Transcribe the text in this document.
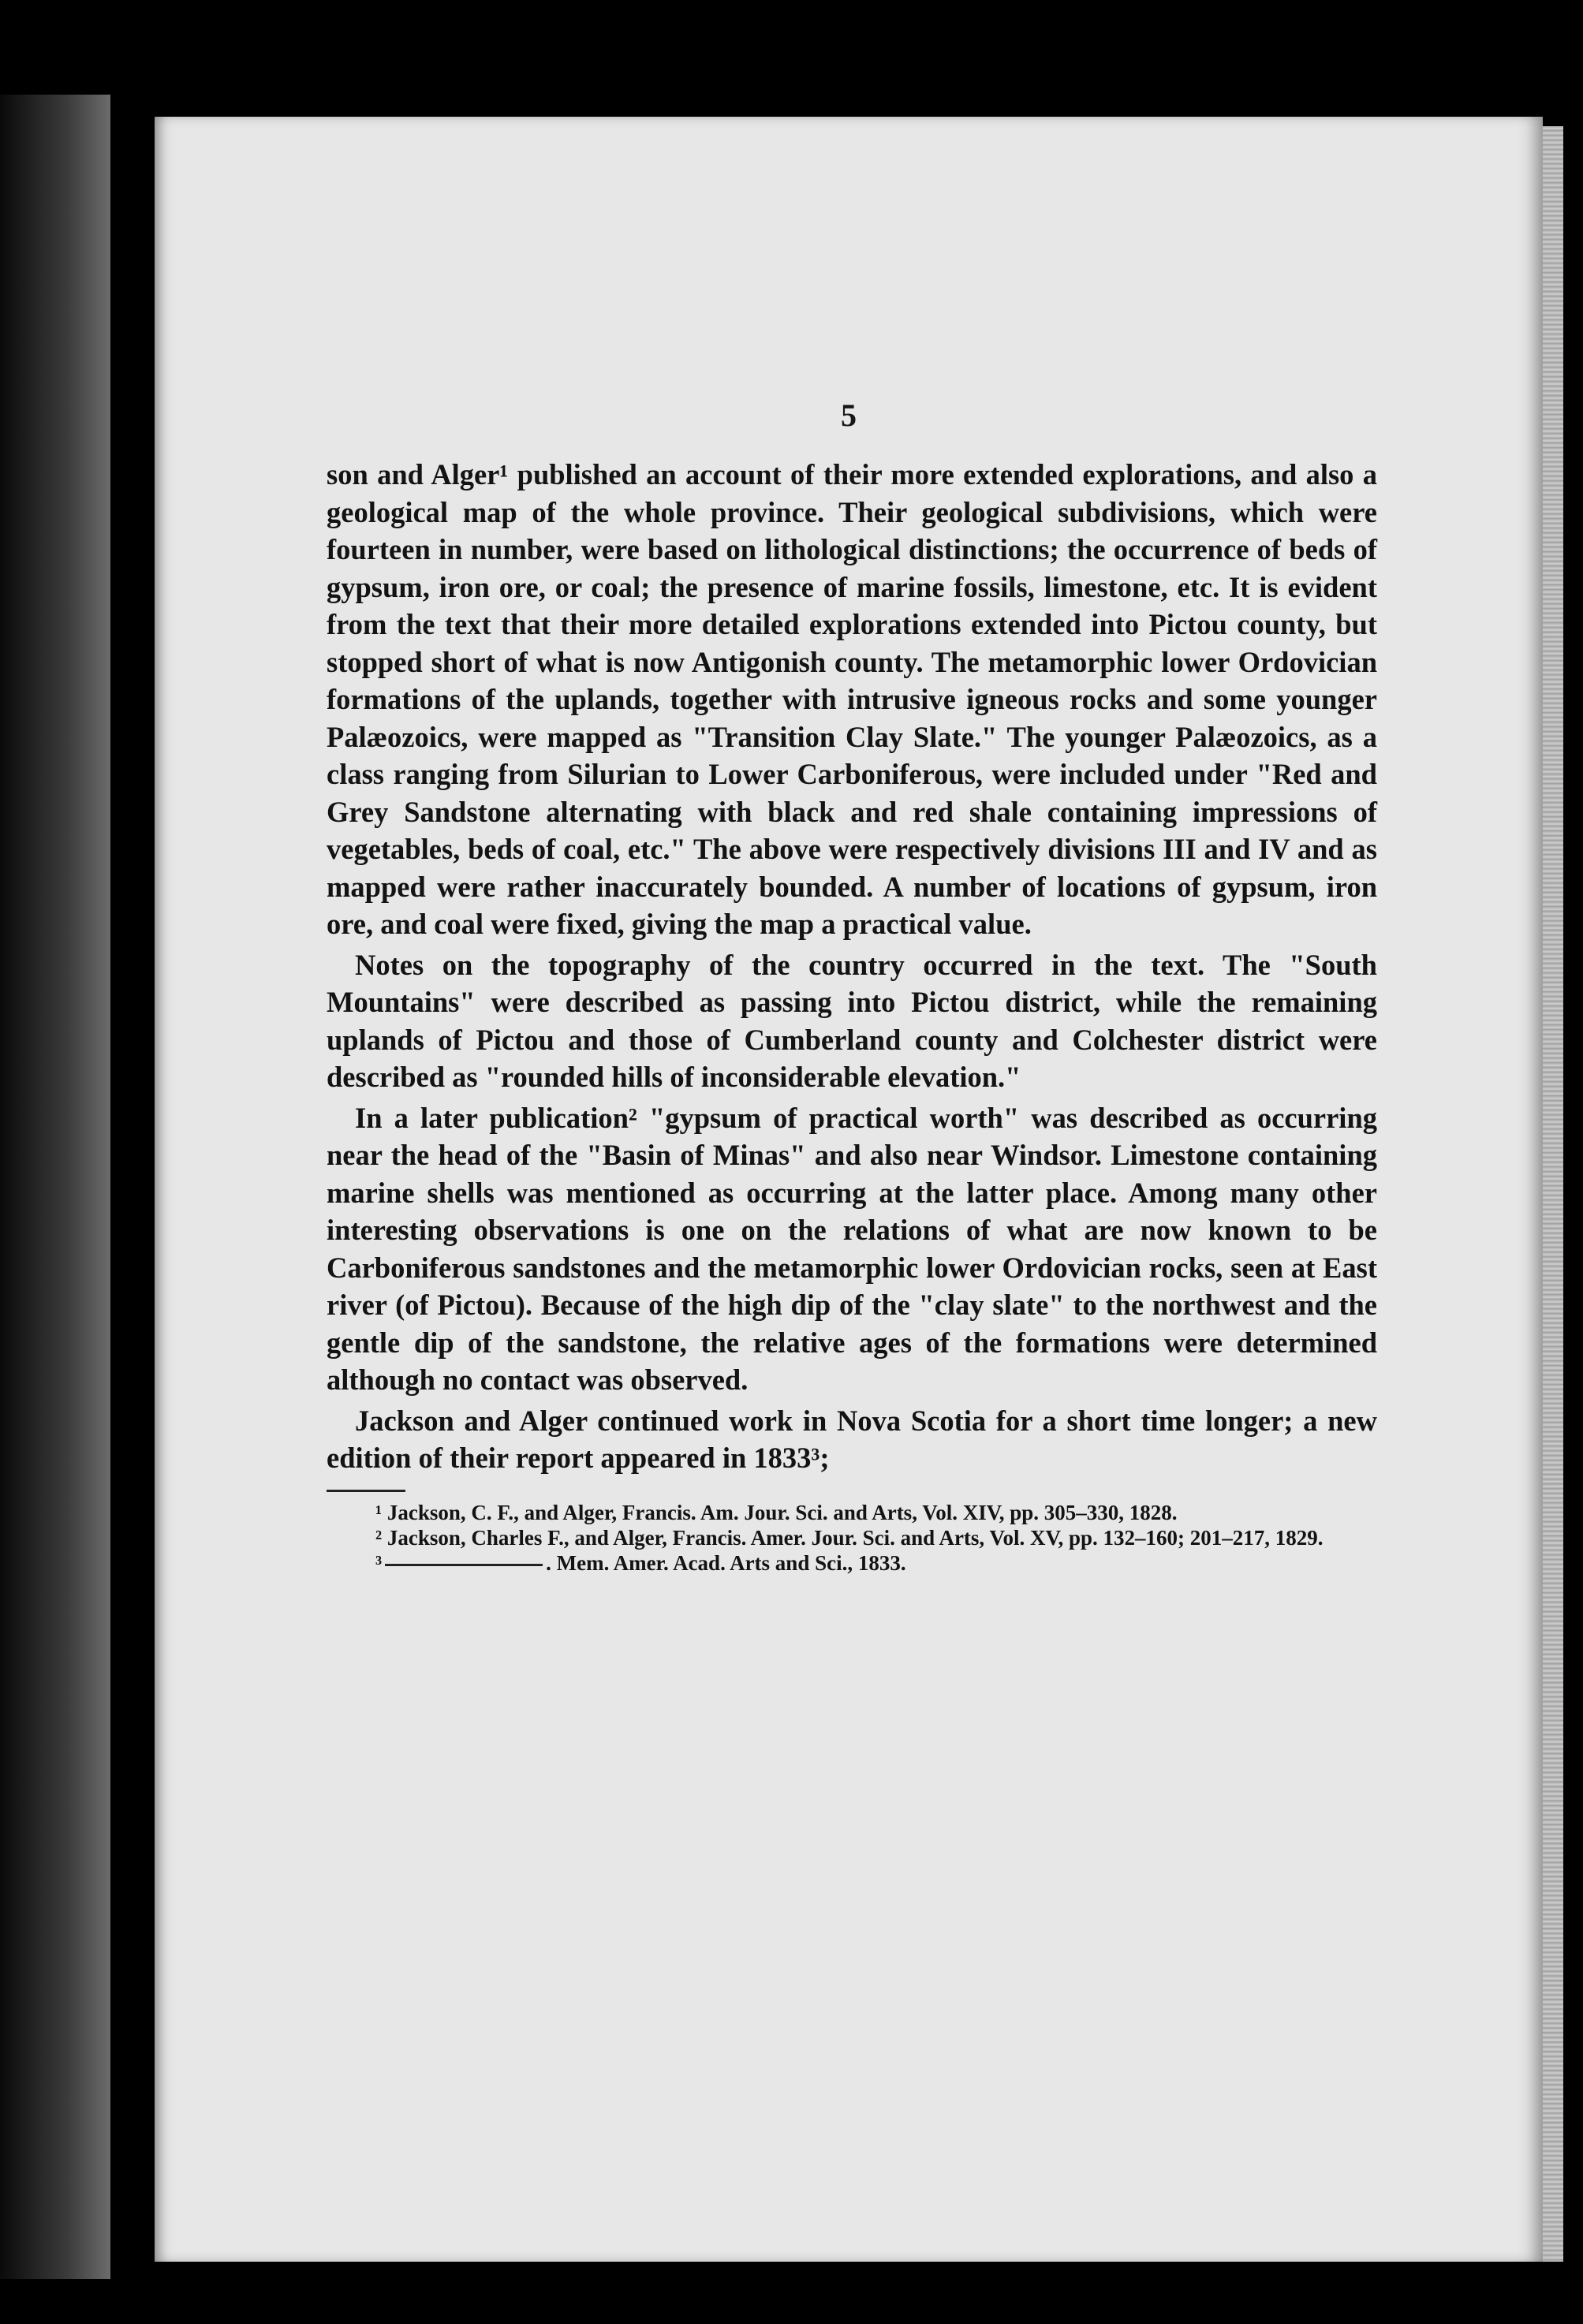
5

son and Alger¹ published an account of their more extended explorations, and also a geological map of the whole province. Their geological subdivisions, which were fourteen in number, were based on lithological distinctions; the occurrence of beds of gypsum, iron ore, or coal; the presence of marine fossils, limestone, etc. It is evident from the text that their more detailed explorations extended into Pictou county, but stopped short of what is now Antigonish county. The metamorphic lower Ordovician formations of the uplands, together with intrusive igneous rocks and some younger Palæozoics, were mapped as "Transition Clay Slate." The younger Palæozoics, as a class ranging from Silurian to Lower Carboniferous, were included under "Red and Grey Sandstone alternating with black and red shale containing impressions of vegetables, beds of coal, etc." The above were respectively divisions III and IV and as mapped were rather inaccurately bounded. A number of locations of gypsum, iron ore, and coal were fixed, giving the map a practical value.

Notes on the topography of the country occurred in the text. The "South Mountains" were described as passing into Pictou district, while the remaining uplands of Pictou and those of Cumberland county and Colchester district were described as "rounded hills of inconsiderable elevation."

In a later publication² "gypsum of practical worth" was described as occurring near the head of the "Basin of Minas" and also near Windsor. Limestone containing marine shells was mentioned as occurring at the latter place. Among many other interesting observations is one on the relations of what are now known to be Carboniferous sandstones and the metamorphic lower Ordovician rocks, seen at East river (of Pictou). Because of the high dip of the "clay slate" to the northwest and the gentle dip of the sandstone, the relative ages of the formations were determined although no contact was observed.

Jackson and Alger continued work in Nova Scotia for a short time longer; a new edition of their report appeared in 1833³;

¹ Jackson, C. F., and Alger, Francis. Am. Jour. Sci. and Arts, Vol. XIV, pp. 305–330, 1828.

² Jackson, Charles F., and Alger, Francis. Amer. Jour. Sci. and Arts, Vol. XV, pp. 132–160; 201–217, 1829.

³	. Mem. Amer. Acad. Arts and Sci., 1833.
